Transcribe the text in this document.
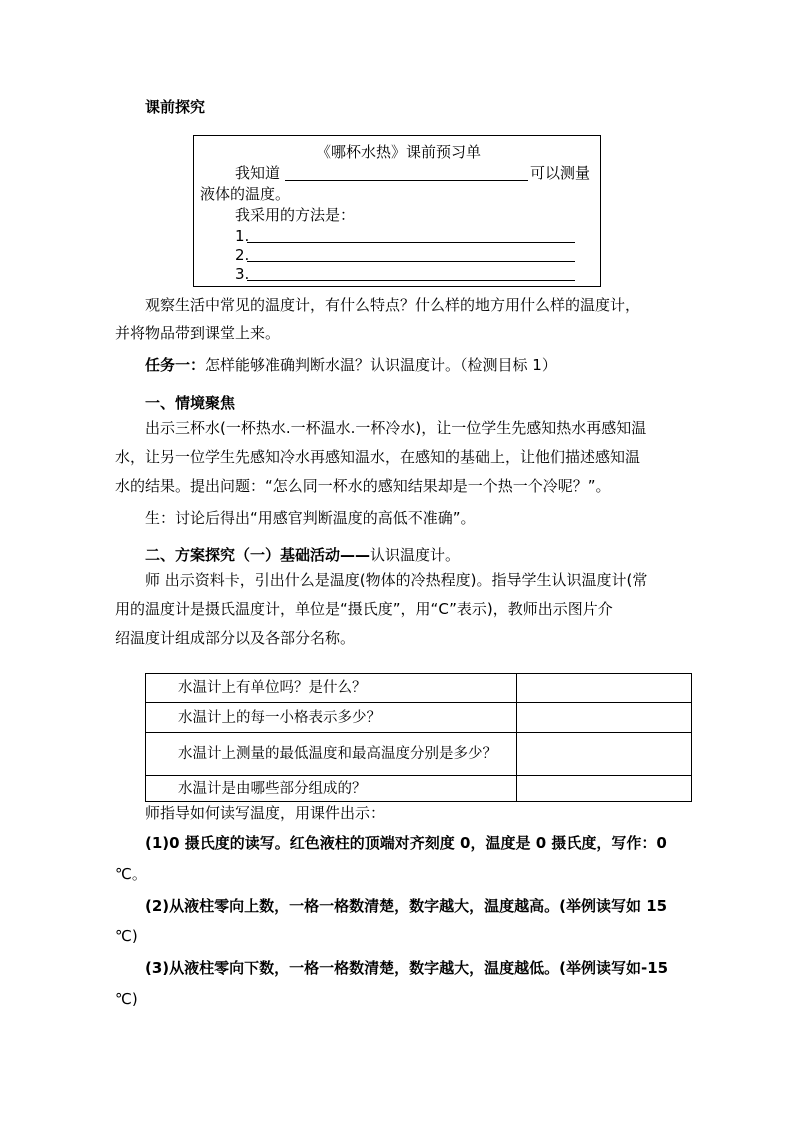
课前探究
《哪杯水热》课前预习单
我知道	可以测量
液体的温度。
我采用的方法是：
1.
2.
3.
观察生活中常见的温度计，有什么特点？什么样的地方用什么样的温度计，
并将物品带到课堂上来。
任务一：怎样能够准确判断水温？认识温度计。（检测目标 1）
一、情境聚焦
出示三杯水(一杯热水.一杯温水.一杯冷水)，让一位学生先感知热水再感知温
水，让另一位学生先感知冷水再感知温水，在感知的基础上，让他们描述感知温
水的结果。提出问题：“怎么同一杯水的感知结果却是一个热一个冷呢？”。
生：讨论后得出“用感官判断温度的高低不准确”。
二、方案探究（一）基础活动——认识温度计。
师 出示资料卡，引出什么是温度(物体的冷热程度)。指导学生认识温度计(常
用的温度计是摄氏温度计，单位是“摄氏度”，用“C”表示)，教师出示图片介
绍温度计组成部分以及各部分名称。
水温计上有单位吗？是什么？	
水温计上的每一小格表示多少？	
水温计上测量的最低温度和最高温度分别是多少？	
水温计是由哪些部分组成的？	
师指导如何读写温度，用课件出示：
(1)0 摄氏度的读写。红色液柱的顶端对齐刻度 0，温度是 0 摄氏度，写作：0
℃。
(2)从液柱零向上数，一格一格数清楚，数字越大，温度越高。(举例读写如 15
℃)
(3)从液柱零向下数，一格一格数清楚，数字越大，温度越低。(举例读写如-15
℃)
